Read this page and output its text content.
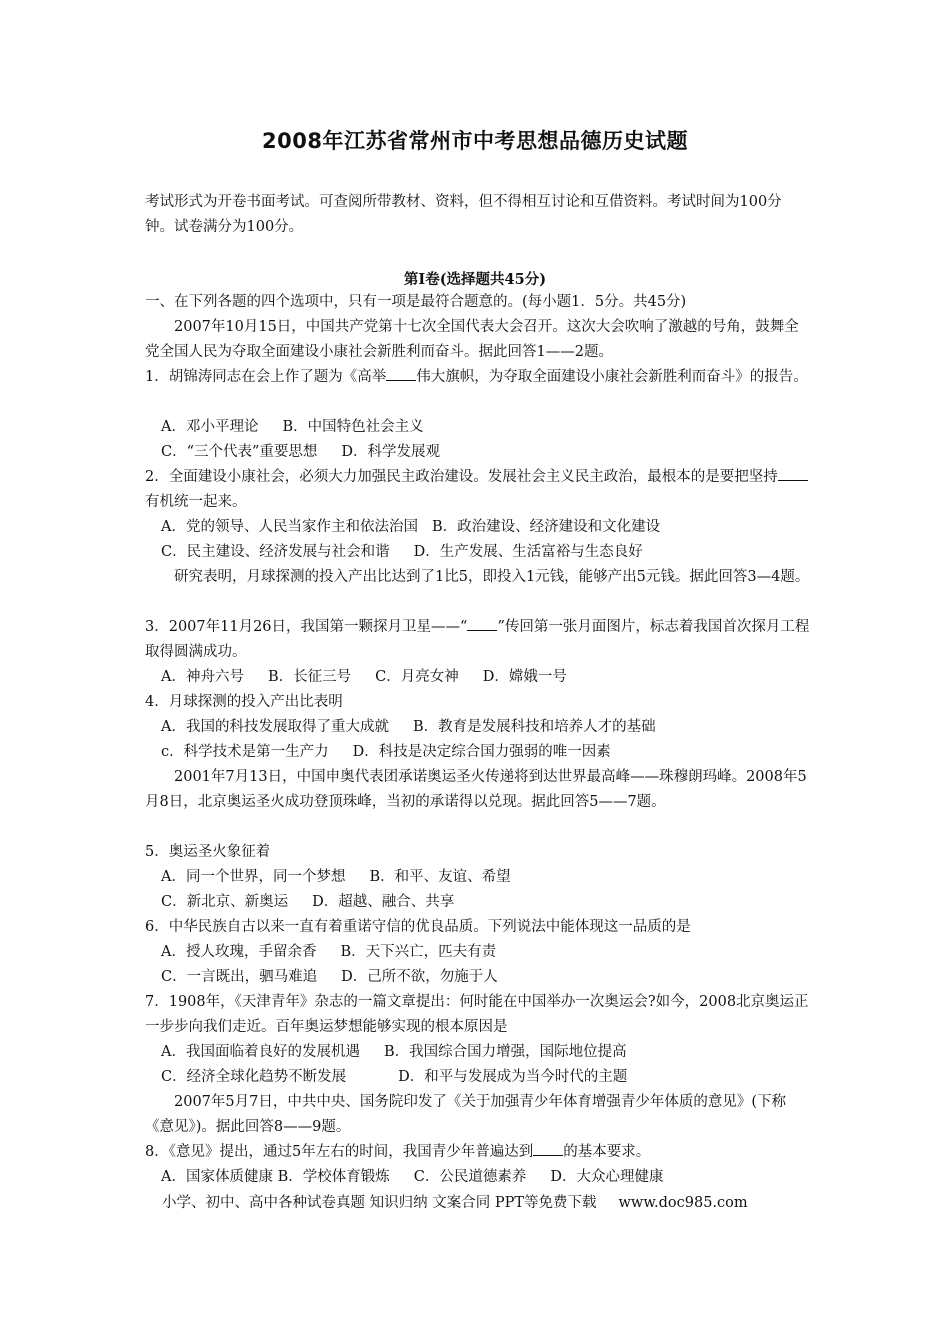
2008年江苏省常州市中考思想品德历史试题
考试形式为开卷书面考试。可查阅所带教材、资料，但不得相互讨论和互借资料。考试时间为100分钟。试卷满分为100分。
第Ⅰ卷(选择题共45分)
一、在下列各题的四个选项中，只有一项是最符合题意的。(每小题1．5分。共45分)
2007年10月15日，中国共产党第十七次全国代表大会召开。这次大会吹响了激越的号角，鼓舞全党全国人民为夺取全面建设小康社会新胜利而奋斗。据此回答1——2题。
1．胡锦涛同志在会上作了题为《高举 伟大旗帜，为夺取全面建设小康社会新胜利而奋斗》的报告。
A．邓小平理论 B．中国特色社会主义
C．“三个代表”重要思想 D．科学发展观
2．全面建设小康社会，必须大力加强民主政治建设。发展社会主义民主政治，最根本的是要把坚持有机统一起来。
A．党的领导、人民当家作主和依法治国 B．政治建设、经济建设和文化建设
C．民主建设、经济发展与社会和谐 D．生产发展、生活富裕与生态良好
研究表明，月球探测的投入产出比达到了1比5，即投入1元钱，能够产出5元钱。据此回答3—4题。
3．2007年11月26日，我国第一颗探月卫星——“ ”传回第一张月面图片，标志着我国首次探月工程取得圆满成功。
A．神舟六号 B．长征三号 C．月亮女神 D．嫦娥一号
4．月球探测的投入产出比表明
A．我国的科技发展取得了重大成就 B．教育是发展科技和培养人才的基础
c．科学技术是第一生产力 D．科技是决定综合国力强弱的唯一因素
2001年7月13日，中国申奥代表团承诺奥运圣火传递将到达世界最高峰——珠穆朗玛峰。2008年5月8日，北京奥运圣火成功登顶珠峰，当初的承诺得以兑现。据此回答5——7题。
5．奥运圣火象征着
A．同一个世界，同一个梦想 B．和平、友谊、希望
C．新北京、新奥运 D．超越、融合、共享
6．中华民族自古以来一直有着重诺守信的优良品质。下列说法中能体现这一品质的是
A．授人玫瑰，手留余香 B．天下兴亡，匹夫有责
C．一言既出，驷马难追 D．己所不欲，勿施于人
7．1908年，《天津青年》杂志的一篇文章提出：何时能在中国举办一次奥运会?如今，2008北京奥运正一步步向我们走近。百年奥运梦想能够实现的根本原因是
A．我国面临着良好的发展机遇 B．我国综合国力增强，国际地位提高
C．经济全球化趋势不断发展	D．和平与发展成为当今时代的主题
2007年5月7日，中共中央、国务院印发了《关于加强青少年体育增强青少年体质的意见》(下称《意见》)。据此回答8——9题。
8．《意见》提出，通过5年左右的时间，我国青少年普遍达到 的基本要求。
A．国家体质健康 B．学校体育锻炼 C．公民道德素养 D．大众心理健康
小学、初中、高中各种试卷真题 知识归纳 文案合同 PPT等免费下载 www.doc985.com
